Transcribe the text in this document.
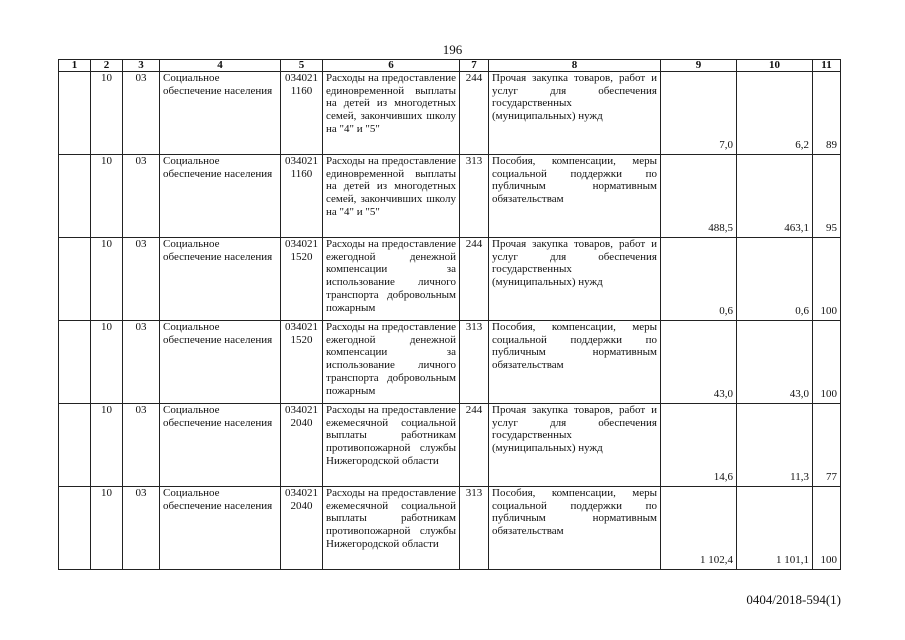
196
1	2	3	4	5	6	7	8	9	10	11
	10	03	Социальное обеспечение населения	034021 1160	Расходы на предоставление единовременной выплаты на детей из многодетных семей, закончивших школу на "4" и "5"	244	Прочая закупка товаров, работ и услуг для обеспечения государственных (муниципальных) нужд	7,0	6,2	89
	10	03	Социальное обеспечение населения	034021 1160	Расходы на предоставление единовременной выплаты на детей из многодетных семей, закончивших школу на "4" и "5"	313	Пособия, компенсации, меры социальной поддержки по публичным нормативным обязательствам	488,5	463,1	95
	10	03	Социальное обеспечение населения	034021 1520	Расходы на предоставление ежегодной денежной компенсации за использование личного транспорта добровольным пожарным	244	Прочая закупка товаров, работ и услуг для обеспечения государственных (муниципальных) нужд	0,6	0,6	100
	10	03	Социальное обеспечение населения	034021 1520	Расходы на предоставление ежегодной денежной компенсации за использование личного транспорта добровольным пожарным	313	Пособия, компенсации, меры социальной поддержки по публичным нормативным обязательствам	43,0	43,0	100
	10	03	Социальное обеспечение населения	034021 2040	Расходы на предоставление ежемесячной социальной выплаты работникам противопожарной службы Нижегородской области	244	Прочая закупка товаров, работ и услуг для обеспечения государственных (муниципальных) нужд	14,6	11,3	77
	10	03	Социальное обеспечение населения	034021 2040	Расходы на предоставление ежемесячной социальной выплаты работникам противопожарной службы Нижегородской области	313	Пособия, компенсации, меры социальной поддержки по публичным нормативным обязательствам	1 102,4	1 101,1	100
0404/2018-594(1)
